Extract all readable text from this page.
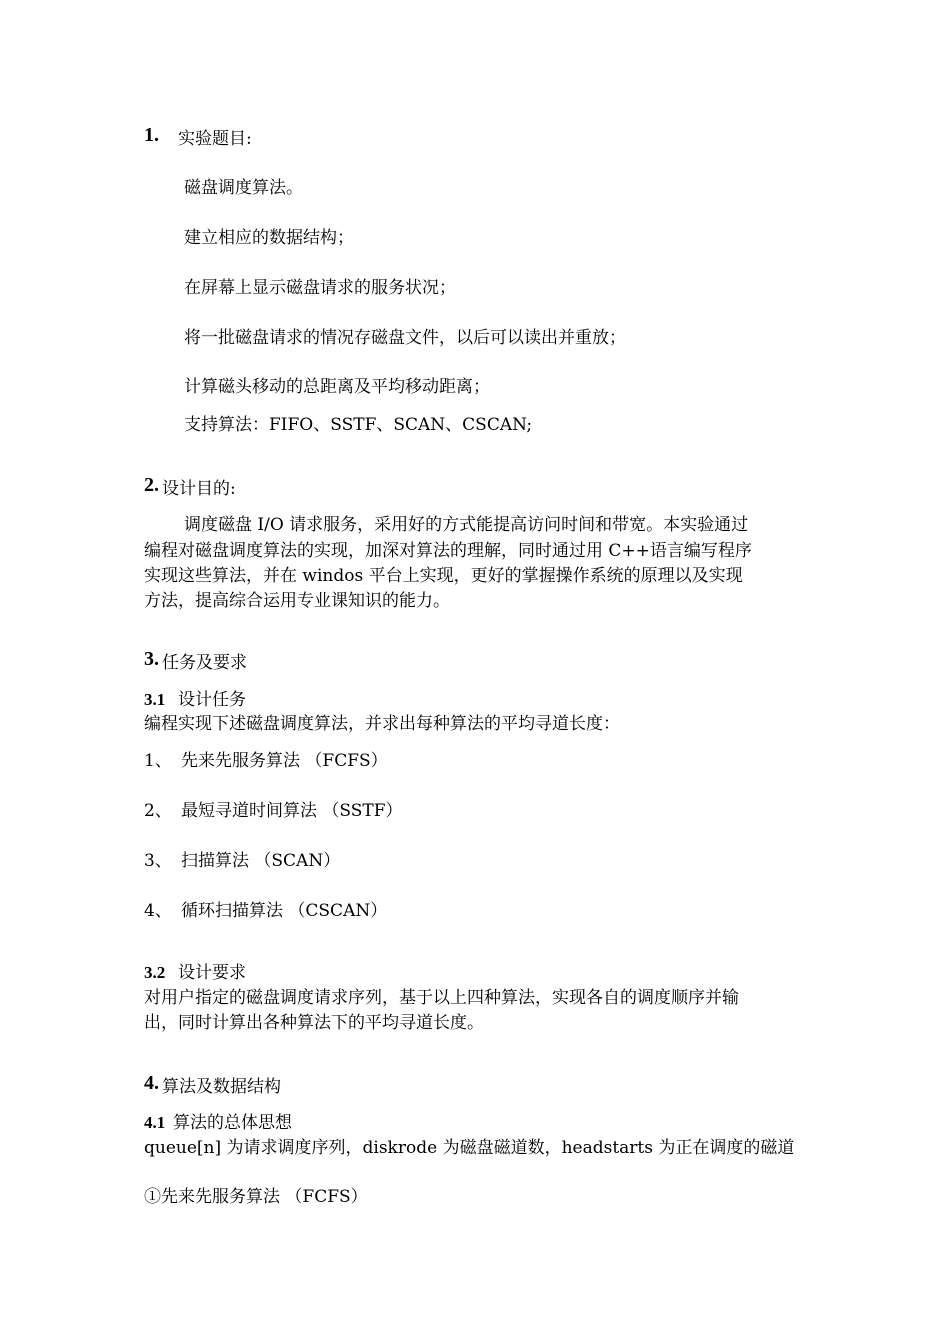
1. 实验题目:
磁盘调度算法。
建立相应的数据结构；
在屏幕上显示磁盘请求的服务状况；
将一批磁盘请求的情况存磁盘文件，以后可以读出并重放；
计算磁头移动的总距离及平均移动距离；
支持算法：FIFO、SSTF、SCAN、CSCAN;
2. 设计目的:
调度磁盘 I/O 请求服务，采用好的方式能提高访问时间和带宽。本实验通过
编程对磁盘调度算法的实现，加深对算法的理解，同时通过用 C++语言编写程序
实现这些算法，并在 windos 平台上实现，更好的掌握操作系统的原理以及实现
方法，提高综合运用专业课知识的能力。
3. 任务及要求
3.1 设计任务
编程实现下述磁盘调度算法，并求出每种算法的平均寻道长度：
1、 先来先服务算法 （FCFS）
2、 最短寻道时间算法 （SSTF）
3、 扫描算法 （SCAN）
4、 循环扫描算法 （CSCAN）
3.2 设计要求
对用户指定的磁盘调度请求序列，基于以上四种算法，实现各自的调度顺序并输
出，同时计算出各种算法下的平均寻道长度。
4. 算法及数据结构
4.1 算法的总体思想
queue[n] 为请求调度序列，diskrode 为磁盘磁道数，headstarts 为正在调度的磁道
①先来先服务算法 （FCFS）
